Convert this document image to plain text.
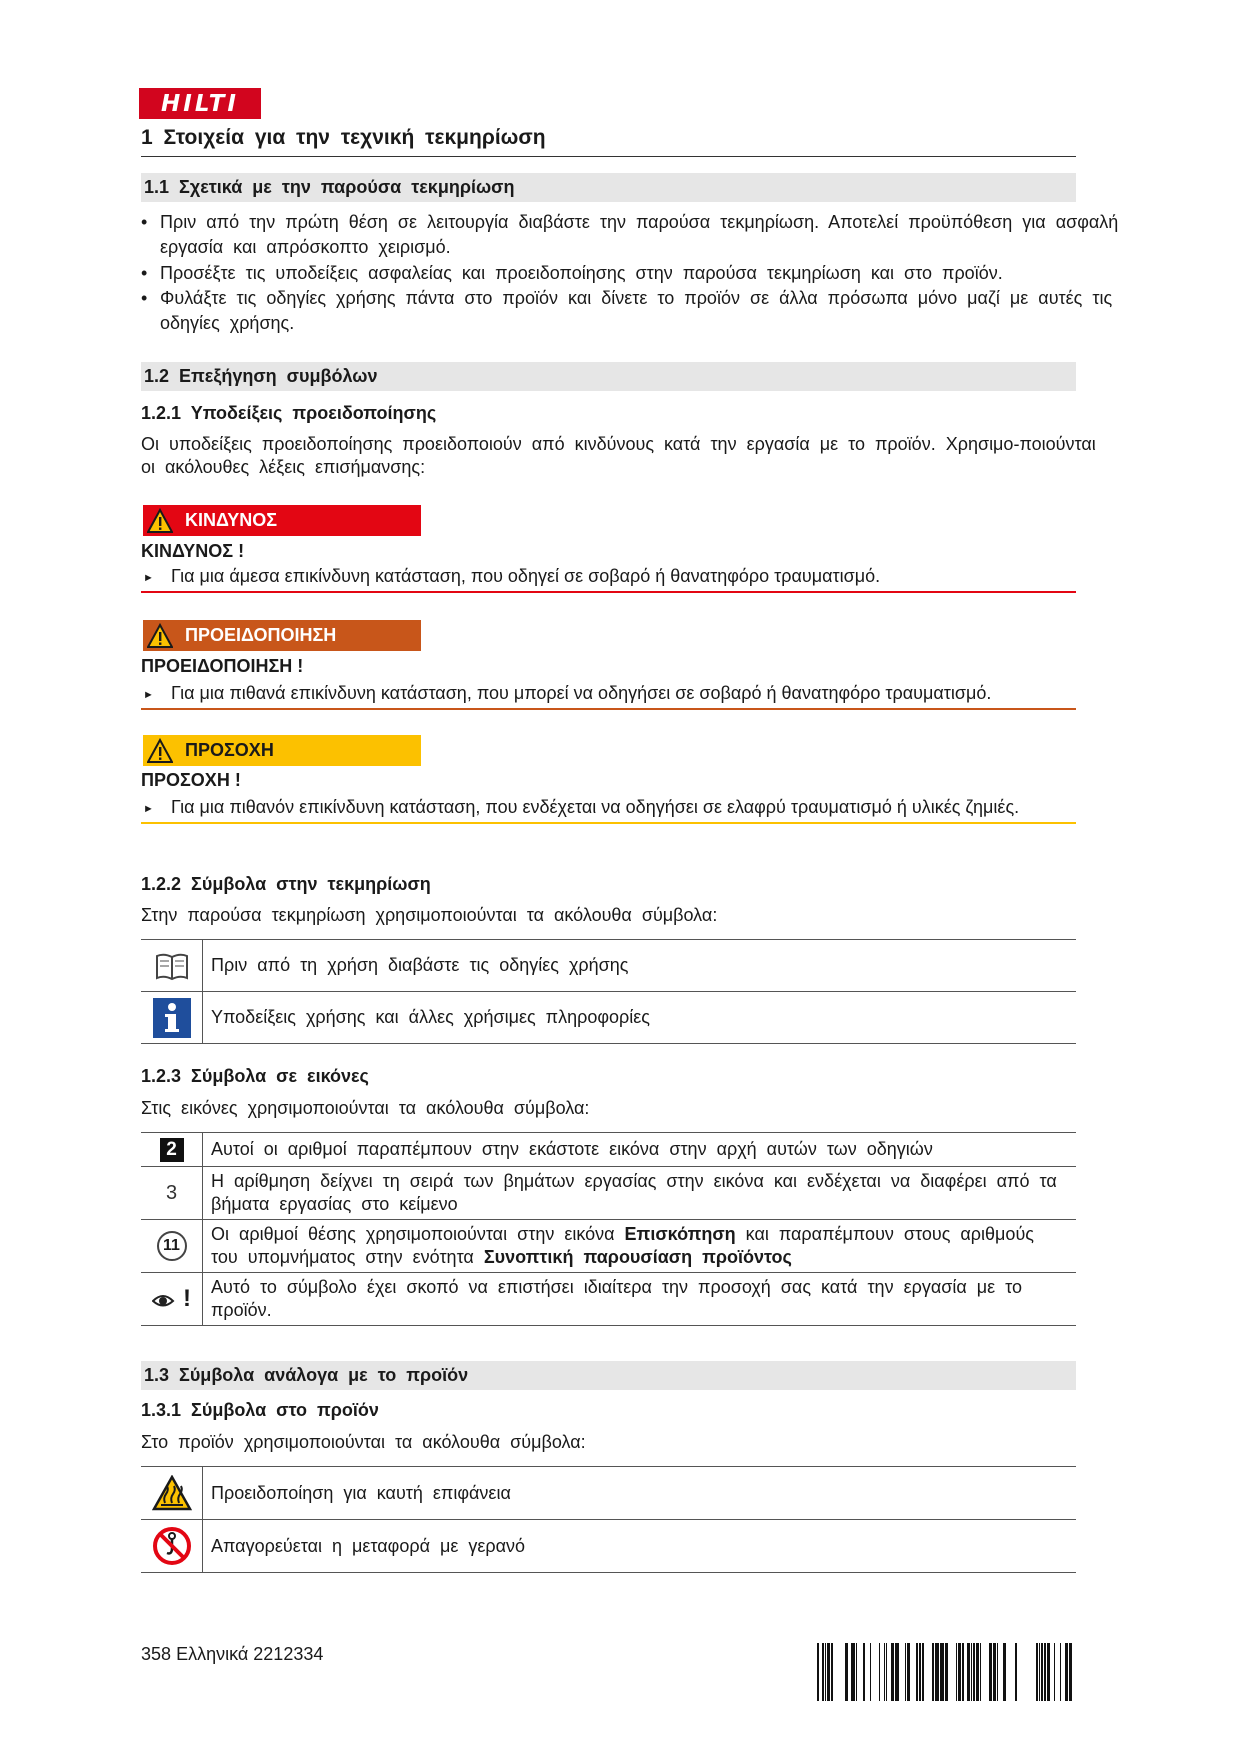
HILTI
1 Στοιχεία για την τεχνική τεκμηρίωση
1.1 Σχετικά με την παρούσα τεκμηρίωση
• Πριν από την πρώτη θέση σε λειτουργία διαβάστε την παρούσα τεκμηρίωση. Αποτελεί προϋπόθεση για ασφαλή εργασία και απρόσκοπτο χειρισμό.
• Προσέξτε τις υποδείξεις ασφαλείας και προειδοποίησης στην παρούσα τεκμηρίωση και στο προϊόν.
• Φυλάξτε τις οδηγίες χρήσης πάντα στο προϊόν και δίνετε το προϊόν σε άλλα πρόσωπα μόνο μαζί με αυτές τις οδηγίες χρήσης.
1.2 Επεξήγηση συμβόλων
1.2.1 Υποδείξεις προειδοποίησης
Οι υποδείξεις προειδοποίησης προειδοποιούν από κινδύνους κατά την εργασία με το προϊόν. Χρησιμο-ποιούνται οι ακόλουθες λέξεις επισήμανσης:
ΚΙΝΔΥΝΟΣ
ΚΙΝΔΥΝΟΣ !
► Για μια άμεσα επικίνδυνη κατάσταση, που οδηγεί σε σοβαρό ή θανατηφόρο τραυματισμό.
ΠΡΟΕΙΔΟΠΟΙΗΣΗ
ΠΡΟΕΙΔΟΠΟΙΗΣΗ !
► Για μια πιθανά επικίνδυνη κατάσταση, που μπορεί να οδηγήσει σε σοβαρό ή θανατηφόρο τραυματισμό.
ΠΡΟΣΟΧΗ
ΠΡΟΣΟΧΗ !
► Για μια πιθανόν επικίνδυνη κατάσταση, που ενδέχεται να οδηγήσει σε ελαφρύ τραυματισμό ή υλικές ζημιές.
1.2.2 Σύμβολα στην τεκμηρίωση
Στην παρούσα τεκμηρίωση χρησιμοποιούνται τα ακόλουθα σύμβολα:
Πριν από τη χρήση διαβάστε τις οδηγίες χρήσης
Υποδείξεις χρήσης και άλλες χρήσιμες πληροφορίες
1.2.3 Σύμβολα σε εικόνες
Στις εικόνες χρησιμοποιούνται τα ακόλουθα σύμβολα:
2	Αυτοί οι αριθμοί παραπέμπουν στην εκάστοτε εικόνα στην αρχή αυτών των οδηγιών
3
Η αρίθμηση δείχνει τη σειρά των βημάτων εργασίας στην εικόνα και ενδέχεται να διαφέρει από τα βήματα εργασίας στο κείμενο
11
Οι αριθμοί θέσης χρησιμοποιούνται στην εικόνα Επισκόπηση και παραπέμπουν στους αριθμούς του υπομνήματος στην ενότητα Συνοπτική παρουσίαση προϊόντος
!	Αυτό το σύμβολο έχει σκοπό να επιστήσει ιδιαίτερα την προσοχή σας κατά την εργασία με το προϊόν.
1.3 Σύμβολα ανάλογα με το προϊόν
1.3.1 Σύμβολα στο προϊόν
Στο προϊόν χρησιμοποιούνται τα ακόλουθα σύμβολα:
Προειδοποίηση για καυτή επιφάνεια
Απαγορεύεται η μεταφορά με γερανό
358 Ελληνικά 2212334
